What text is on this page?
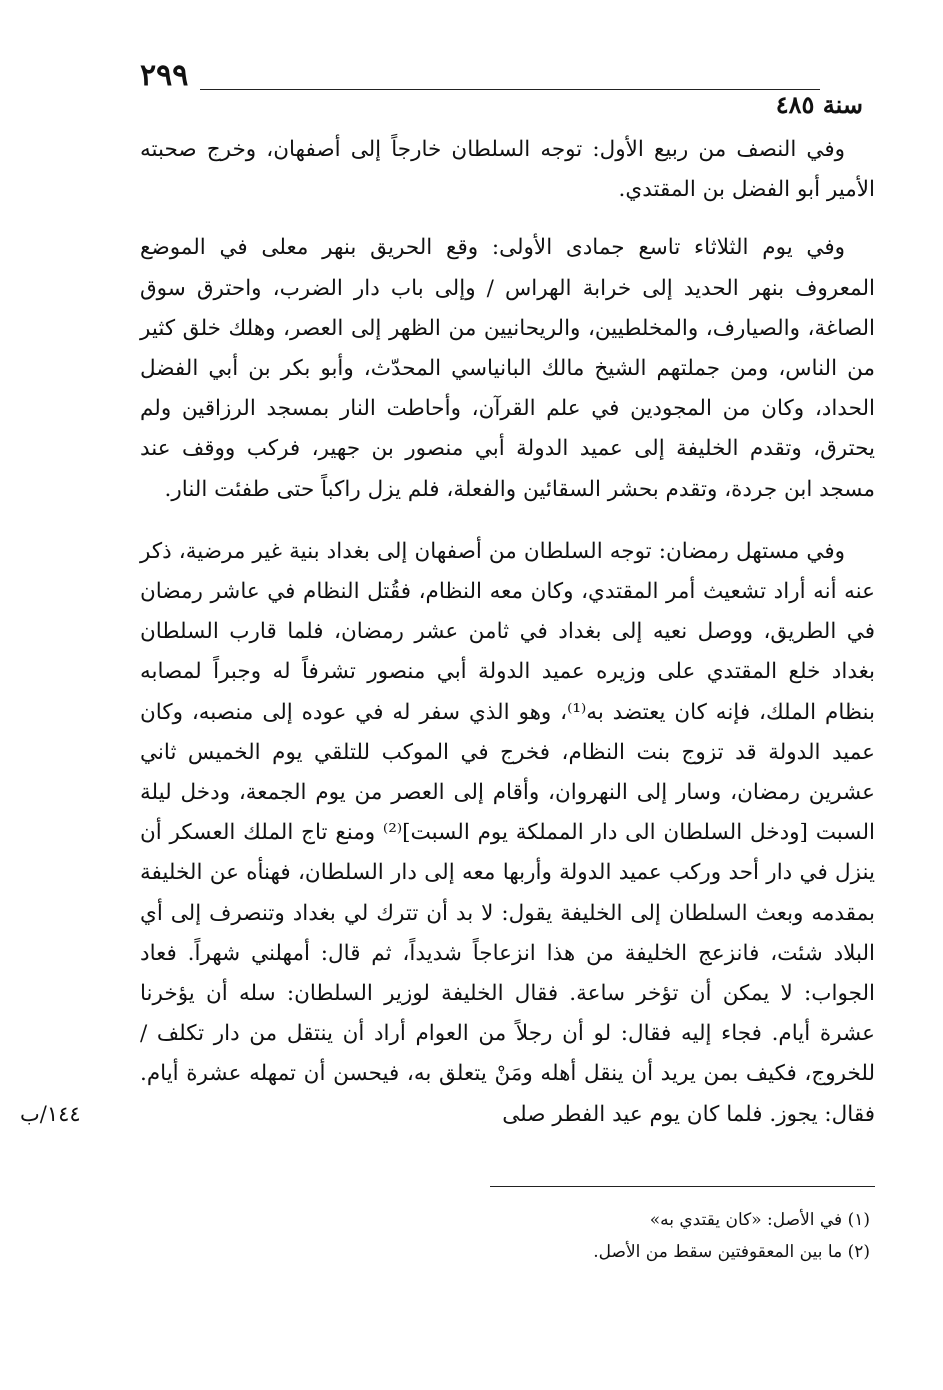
٢٩٩
سنة ٤٨٥

وفي النصف من ربيع الأول: توجه السلطان خارجاً إلى أصفهان، وخرج صحبته الأمير أبو الفضل بن المقتدي.

وفي يوم الثلاثاء تاسع جمادى الأولى: وقع الحريق بنهر معلى في الموضع المعروف بنهر الحديد إلى خرابة الهراس / وإلى باب دار الضرب، واحترق سوق الصاغة، والصيارف، والمخلطيين، والريحانيين من الظهر إلى العصر، وهلك خلق كثير من الناس، ومن جملتهم الشيخ مالك البانياسي المحدّث، وأبو بكر بن أبي الفضل الحداد، وكان من المجودين في علم القرآن، وأحاطت النار بمسجد الرزاقين ولم يحترق، وتقدم الخليفة إلى عميد الدولة أبي منصور بن جهير، فركب ووقف عند مسجد ابن جردة، وتقدم بحشر السقائين والفعلة، فلم يزل راكباً حتى طفئت النار.

وفي مستهل رمضان: توجه السلطان من أصفهان إلى بغداد بنية غير مرضية، ذكر عنه أنه أراد تشعيث أمر المقتدي، وكان معه النظام، فقُتل النظام في عاشر رمضان في الطريق، ووصل نعيه إلى بغداد في ثامن عشر رمضان، فلما قارب السلطان بغداد خلع المقتدي على وزيره عميد الدولة أبي منصور تشرفاً له وجبراً لمصابه بنظام الملك، فإنه كان يعتضد به⁽¹⁾، وهو الذي سفر له في عوده إلى منصبه، وكان عميد الدولة قد تزوج بنت النظام، فخرج في الموكب للتلقي يوم الخميس ثاني عشرين رمضان، وسار إلى النهروان، وأقام إلى العصر من يوم الجمعة، ودخل ليلة السبت [ودخل السلطان الى دار المملكة يوم السبت]⁽²⁾ ومنع تاج الملك العسكر أن ينزل في دار أحد وركب عميد الدولة وأربها معه إلى دار السلطان، فهنأه عن الخليفة بمقدمه وبعث السلطان إلى الخليفة يقول: لا بد أن تترك لي بغداد وتنصرف إلى أي البلاد شئت، فانزعج الخليفة من هذا انزعاجاً شديداً، ثم قال: أمهلني شهراً. فعاد الجواب: لا يمكن أن تؤخر ساعة. فقال الخليفة لوزير السلطان: سله أن يؤخرنا عشرة أيام. فجاء إليه فقال: لو أن رجلاً من العوام أراد أن ينتقل من دار تكلف / للخروج، فكيف بمن يريد أن ينقل أهله ومَنْ يتعلق به، فيحسن أن تمهله عشرة أيام. فقال: يجوز. فلما كان يوم عيد الفطر صلى

١٤٤/ب
(١) في الأصل: «كان يقتدي به»
(٢) ما بين المعقوفتين سقط من الأصل.
